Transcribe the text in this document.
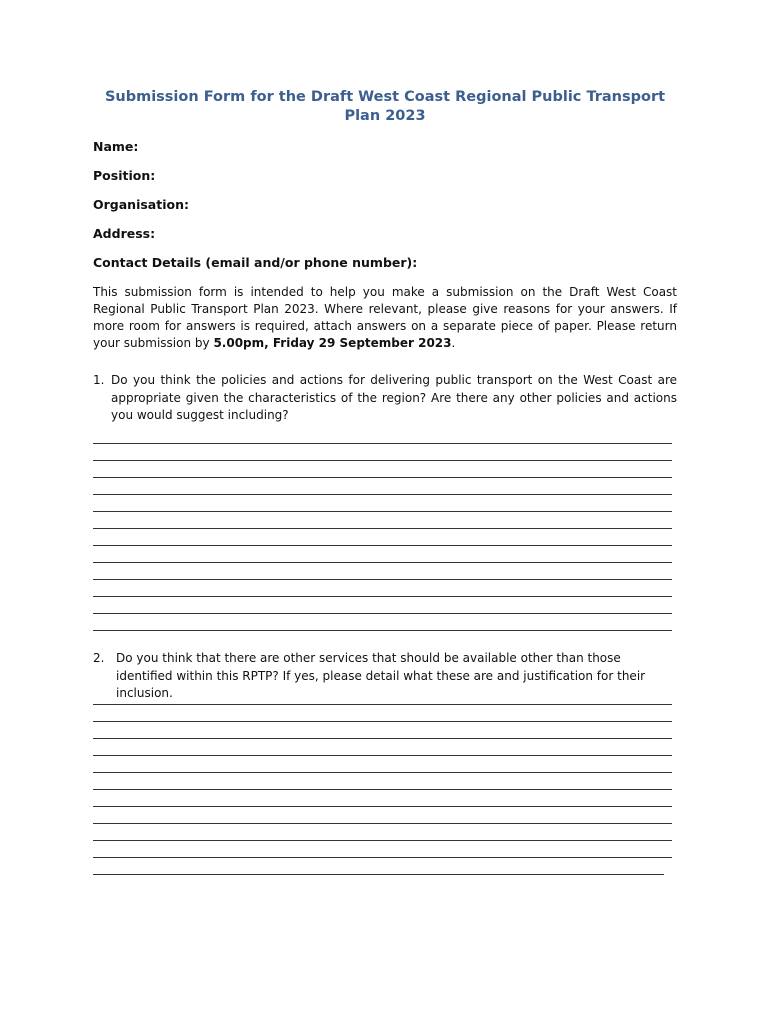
Submission Form for the Draft West Coast Regional Public Transport Plan 2023

Name:

Position:

Organisation:

Address:

Contact Details (email and/or phone number):

This submission form is intended to help you make a submission on the Draft West Coast Regional Public Transport Plan 2023. Where relevant, please give reasons for your answers. If more room for answers is required, attach answers on a separate piece of paper. Please return your submission by 5.00pm, Friday 29 September 2023.

1. Do you think the policies and actions for delivering public transport on the West Coast are appropriate given the characteristics of the region? Are there any other policies and actions you would suggest including?
2. Do you think that there are other services that should be available other than those identified within this RPTP? If yes, please detail what these are and justification for their inclusion.
